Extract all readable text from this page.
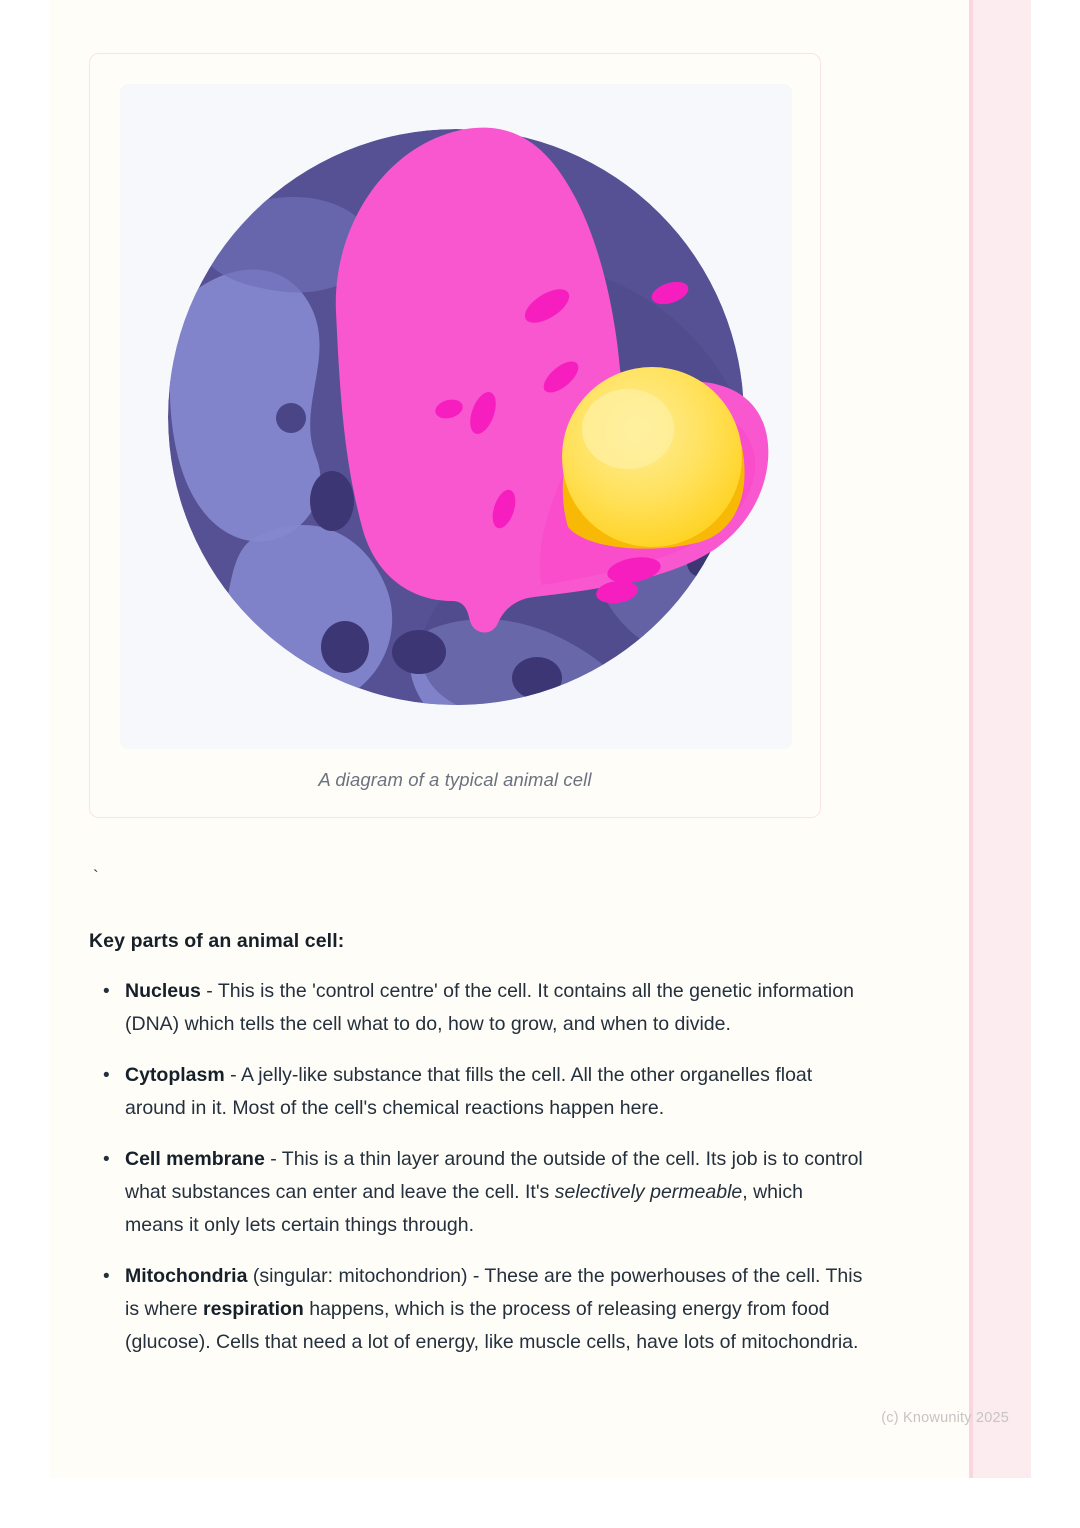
A diagram of a typical animal cell
`
Key parts of an animal cell:
• Nucleus - This is the 'control centre' of the cell. It contains all the genetic information (DNA) which tells the cell what to do, how to grow, and when to divide.
• Cytoplasm - A jelly-like substance that fills the cell. All the other organelles float around in it. Most of the cell's chemical reactions happen here.
• Cell membrane - This is a thin layer around the outside of the cell. Its job is to control what substances can enter and leave the cell. It's selectively permeable, which means it only lets certain things through.
• Mitochondria (singular: mitochondrion) - These are the powerhouses of the cell. This is where respiration happens, which is the process of releasing energy from food (glucose). Cells that need a lot of energy, like muscle cells, have lots of mitochondria.
(c) Knowunity 2025
